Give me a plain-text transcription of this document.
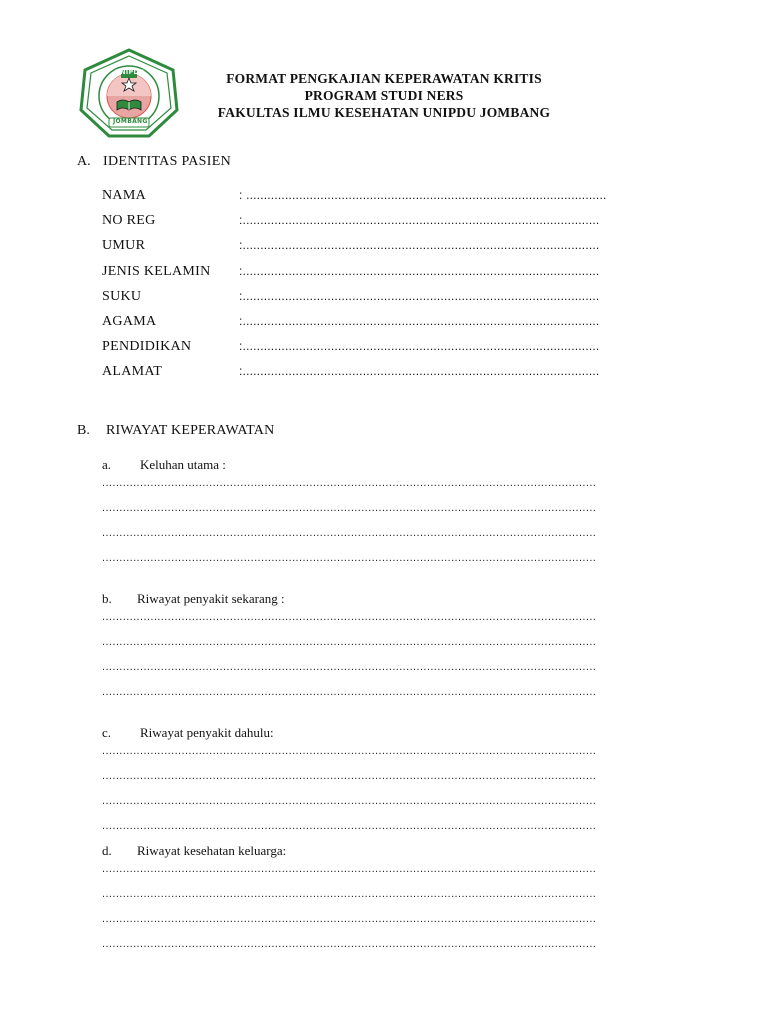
UNIPDU
JOMBANG
FORMAT PENGKAJIAN KEPERAWATAN KRITIS
PROGRAM STUDI NERS
FAKULTAS ILMU KESEHATAN UNIPDU JOMBANG
A. IDENTITAS PASIEN
NAMA	: ......................................................................................................
NO REG	:.....................................................................................................
UMUR	:.....................................................................................................
JENIS KELAMIN :.....................................................................................................
SUKU	:.....................................................................................................
AGAMA	:.....................................................................................................
PENDIDIKAN	:.....................................................................................................
ALAMAT	:.....................................................................................................
B. RIWAYAT KEPERAWATAN
a. Keluhan utama :
...............................................................................................................................................
...............................................................................................................................................
...............................................................................................................................................
...............................................................................................................................................
b. Riwayat penyakit sekarang :
...............................................................................................................................................
...............................................................................................................................................
...............................................................................................................................................
...............................................................................................................................................
c. Riwayat penyakit dahulu:
...............................................................................................................................................
...............................................................................................................................................
...............................................................................................................................................
...............................................................................................................................................
d. Riwayat kesehatan keluarga:
...............................................................................................................................................
...............................................................................................................................................
...............................................................................................................................................
...............................................................................................................................................
